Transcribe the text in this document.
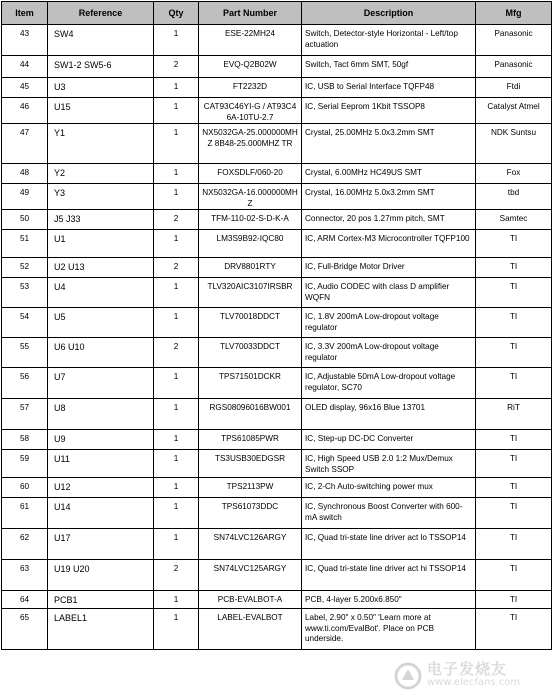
Item	Reference	Qty	Part Number	Description	Mfg
43	SW4	1	ESE-22MH24	Switch, Detector-style Horizontal - Left/top actuation	Panasonic
44	SW1-2 SW5-6	2	EVQ-Q2B02W	Switch, Tact 6mm SMT, 50gf	Panasonic
45	U3	1	FT2232D	IC, USB to Serial Interface TQFP48	Ftdi
46	U15	1	CAT93C46YI-G / AT93C46A-10TU-2.7	IC, Serial Eeprom 1Kbit TSSOP8	Catalyst Atmel
47	Y1	1	NX5032GA-25.000000MHZ 8B48-25.000MHZ TR	Crystal, 25.00MHz 5.0x3.2mm SMT	NDK Suntsu
48	Y2	1	FOXSDLF/060-20	Crystal, 6.00MHz HC49US SMT	Fox
49	Y3	1	NX5032GA-16.000000MHZ	Crystal, 16.00MHz 5.0x3.2mm SMT	tbd
50	J5 J33	2	TFM-110-02-S-D-K-A	Connector, 20 pos 1.27mm pitch, SMT	Samtec
51	U1	1	LM3S9B92-IQC80	IC, ARM Cortex-M3 Microcontroller TQFP100	TI
52	U2 U13	2	DRV8801RTY	IC, Full-Bridge Motor Driver	TI
53	U4	1	TLV320AIC3107IRSBR	IC, Audio CODEC with class D amplifier WQFN	TI
54	U5	1	TLV70018DDCT	IC, 1.8V 200mA Low-dropout voltage regulator	TI
55	U6 U10	2	TLV70033DDCT	IC, 3.3V 200mA Low-dropout voltage regulator	TI
56	U7	1	TPS71501DCKR	IC, Adjustable 50mA Low-dropout voltage regulator, SC70	TI
57	U8	1	RGS08096016BW001	OLED display, 96x16 Blue 13701	RiT
58	U9	1	TPS61085PWR	IC, Step-up DC-DC Converter	TI
59	U11	1	TS3USB30EDGSR	IC, High Speed USB 2.0 1:2 Mux/Demux Switch SSOP	TI
60	U12	1	TPS2113PW	IC, 2-Ch Auto-switching power mux	TI
61	U14	1	TPS61073DDC	IC, Synchronous Boost Converter with 600-mA switch	TI
62	U17	1	SN74LVC126ARGY	IC, Quad tri-state line driver act lo TSSOP14	TI
63	U19 U20	2	SN74LVC125ARGY	IC, Quad tri-state line driver act hi TSSOP14	TI
64	PCB1	1	PCB-EVALBOT-A	PCB, 4-layer 5.200x6.850"	TI
65	LABEL1	1	LABEL-EVALBOT	Label, 2.90" x 0.50" 'Learn more at www.ti.com/EvalBot'. Place on PCB underside.	TI
电子发烧友
www.elecfans.com
